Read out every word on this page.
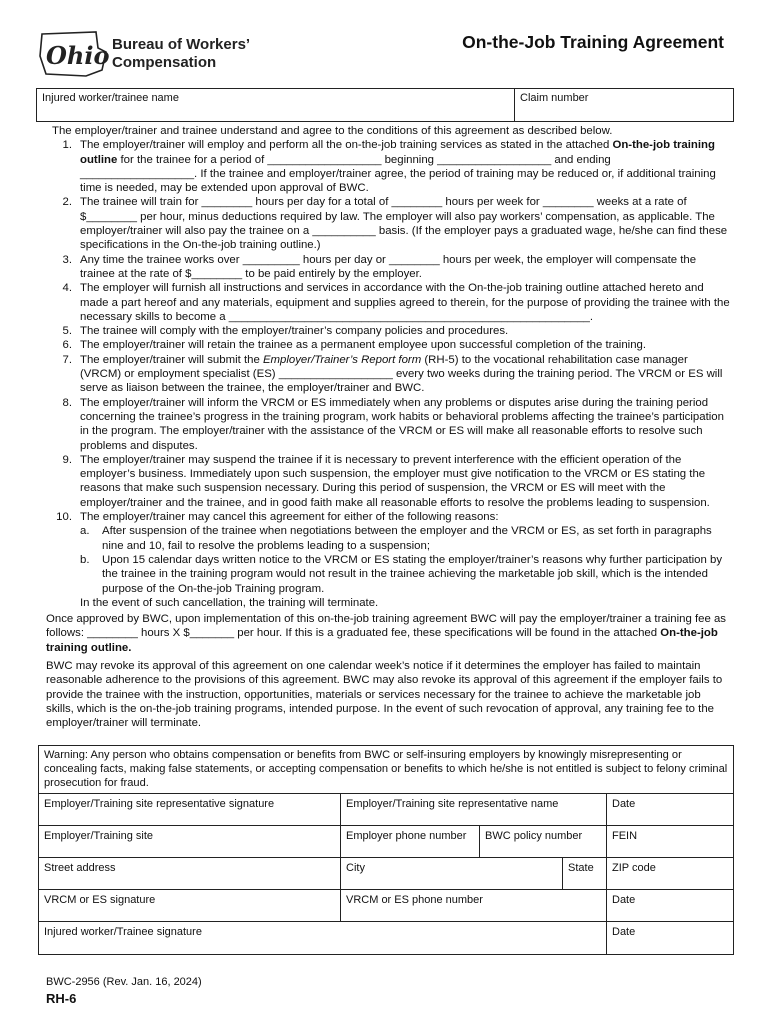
Ohio Bureau of Workers’
Compensation
On-the-Job Training Agreement
Injured worker/trainee name	Claim number

The employer/trainer and trainee understand and agree to the conditions of this agreement as described below.

1. The employer/trainer will employ and perform all the on-the-job training services as stated in the attached On-the-job training outline for the trainee for a period of __________________ beginning __________________ and ending __________________. If the trainee and employer/trainer agree, the period of training may be reduced or, if additional training time is needed, may be extended upon approval of BWC.
2. The trainee will train for ________ hours per day for a total of ________ hours per week for ________ weeks at a rate of $________ per hour, minus deductions required by law. The employer will also pay workers’ compensation, as applicable. The employer/trainer will also pay the trainee on a __________ basis. (If the employer pays a graduated wage, he/she can find these specifications in the On-the-job training outline.)
3. Any time the trainee works over _________ hours per day or ________ hours per week, the employer will compensate the trainee at the rate of $________ to be paid entirely by the employer.
4. The employer will furnish all instructions and services in accordance with the On-the-job training outline attached hereto and made a part hereof and any materials, equipment and supplies agreed to therein, for the purpose of providing the trainee with the necessary skills to become a _________________________________________________________.
5. The trainee will comply with the employer/trainer’s company policies and procedures.
6. The employer/trainer will retain the trainee as a permanent employee upon successful completion of the training.
7. The employer/trainer will submit the Employer/Trainer’s Report form (RH-5) to the vocational rehabilitation case manager (VRCM) or employment specialist (ES) __________________ every two weeks during the training period. The VRCM or ES will serve as liaison between the trainee, the employer/trainer and BWC.
8. The employer/trainer will inform the VRCM or ES immediately when any problems or disputes arise during the training period concerning the trainee’s progress in the training program, work habits or behavioral problems affecting the trainee’s participation in the program. The employer/trainer with the assistance of the VRCM or ES will make all reasonable efforts to resolve such problems and disputes.
9. The employer/trainer may suspend the trainee if it is necessary to prevent interference with the efficient operation of the employer’s business. Immediately upon such suspension, the employer must give notification to the VRCM or ES stating the reasons that make such suspension necessary. During this period of suspension, the VRCM or ES will meet with the employer/trainer and the trainee, and in good faith make all reasonable efforts to resolve the problems leading to suspension.
10. The employer/trainer may cancel this agreement for either of the following reasons:
a.	After suspension of the trainee when negotiations between the employer and the VRCM or ES, as set forth in paragraphs nine and 10, fail to resolve the problems leading to a suspension;
b.	Upon 15 calendar days written notice to the VRCM or ES stating the employer/trainer’s reasons why further participation by the trainee in the training program would not result in the trainee achieving the marketable job skill, which is the intended purpose of the On-the-job Training program.

In the event of such cancellation, the training will terminate.

Once approved by BWC, upon implementation of this on-the-job training agreement BWC will pay the employer/trainer a training fee as follows: ________ hours X $_______ per hour. If this is a graduated fee, these specifications will be found in the attached On-the-job training outline.

BWC may revoke its approval of this agreement on one calendar week’s notice if it determines the employer has failed to maintain reasonable adherence to the provisions of this agreement. BWC may also revoke its approval of this agreement if the employer fails to provide the trainee with the instruction, opportunities, materials or services necessary for the trainee to achieve the marketable job skills, which is the on-the-job training programs, intended purpose. In the event of such revocation of approval, any training fee to the employer/trainer will terminate.

Warning: Any person who obtains compensation or benefits from BWC or self-insuring employers by knowingly misrepresenting or concealing facts, making false statements, or accepting compensation or benefits to which he/she is not entitled is subject to felony criminal prosecution for fraud.
Employer/Training site representative signature	Employer/Training site representative name	Date
Employer/Training site	Employer phone number	BWC policy number	FEIN
Street address	City	State	ZIP code
VRCM or ES signature	VRCM or ES phone number	Date
Injured worker/Trainee signature	Date
BWC-2956 (Rev. Jan. 16, 2024)
RH-6
